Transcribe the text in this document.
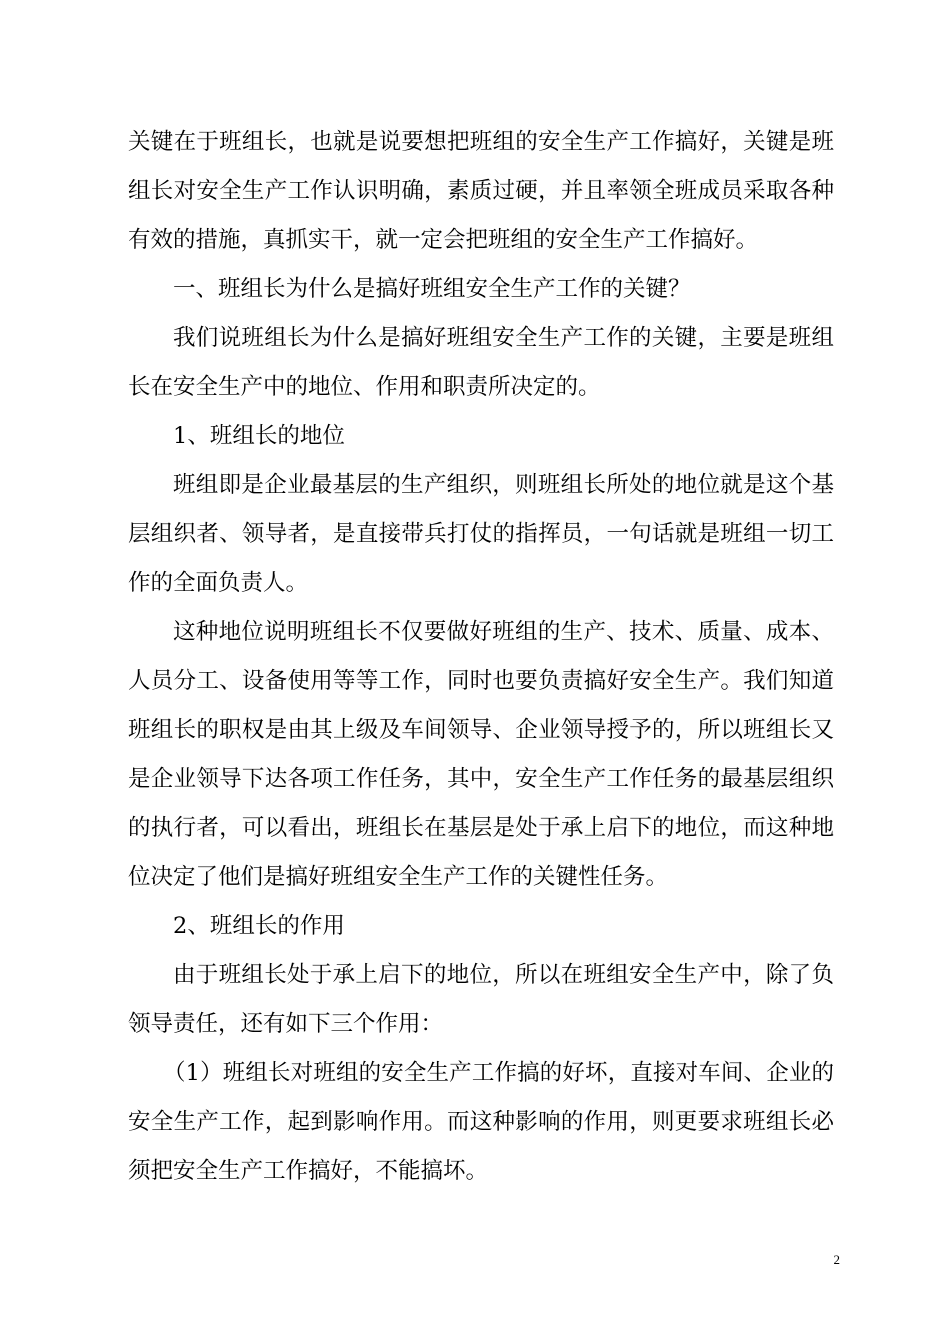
关键在于班组长，也就是说要想把班组的安全生产工作搞好，关键是班组长对安全生产工作认识明确，素质过硬，并且率领全班成员采取各种有效的措施，真抓实干，就一定会把班组的安全生产工作搞好。

一、班组长为什么是搞好班组安全生产工作的关键？

我们说班组长为什么是搞好班组安全生产工作的关键，主要是班组长在安全生产中的地位、作用和职责所决定的。

1、班组长的地位

班组即是企业最基层的生产组织，则班组长所处的地位就是这个基层组织者、领导者，是直接带兵打仗的指挥员，一句话就是班组一切工作的全面负责人。

这种地位说明班组长不仅要做好班组的生产、技术、质量、成本、人员分工、设备使用等等工作，同时也要负责搞好安全生产。我们知道班组长的职权是由其上级及车间领导、企业领导授予的，所以班组长又是企业领导下达各项工作任务，其中，安全生产工作任务的最基层组织的执行者，可以看出，班组长在基层是处于承上启下的地位，而这种地位决定了他们是搞好班组安全生产工作的关键性任务。

2、班组长的作用

由于班组长处于承上启下的地位，所以在班组安全生产中，除了负领导责任，还有如下三个作用：

（1）班组长对班组的安全生产工作搞的好坏，直接对车间、企业的安全生产工作，起到影响作用。而这种影响的作用，则更要求班组长必须把安全生产工作搞好，不能搞坏。

2
